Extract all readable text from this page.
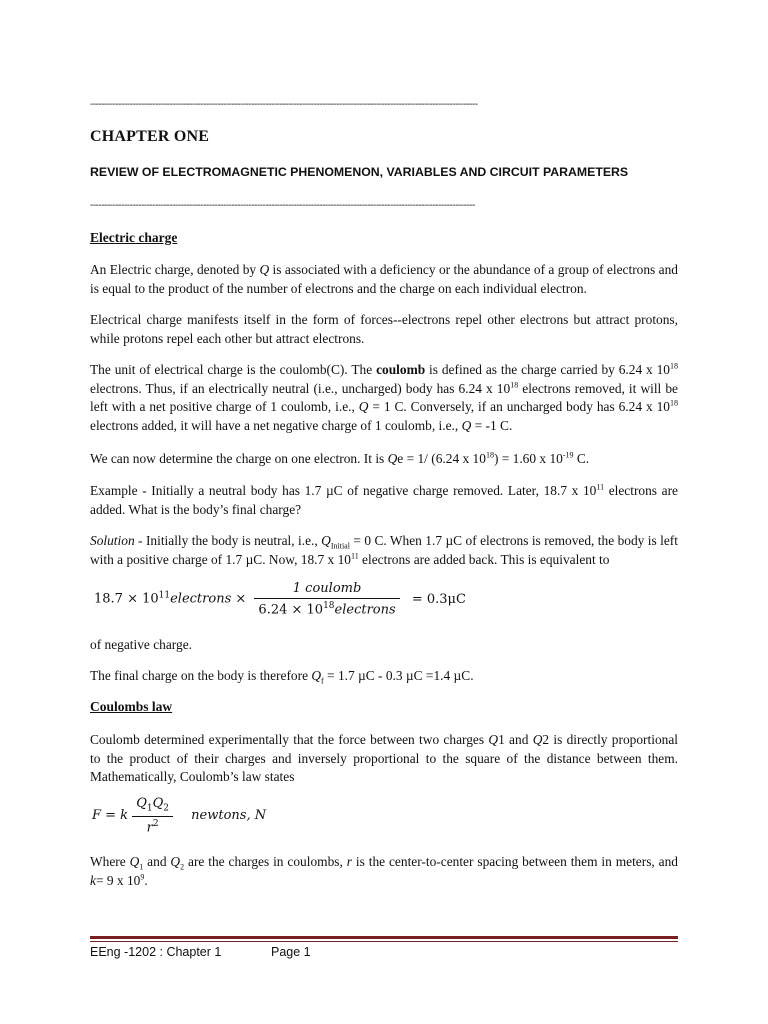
-----------------------------------------------------------------------------------------------------------------------------------------
CHAPTER ONE
REVIEW OF ELECTROMAGNETIC PHENOMENON, VARIABLES AND CIRCUIT PARAMETERS
----------------------------------------------------------------------------------------------------------------------------------------
Electric charge
An Electric charge, denoted by Q is associated with a deficiency or the abundance of a group of electrons and is equal to the product of the number of electrons and the charge on each individual electron.
Electrical charge manifests itself in the form of forces--electrons repel other electrons but attract protons, while protons repel each other but attract electrons.
The unit of electrical charge is the coulomb(C). The coulomb is defined as the charge carried by 6.24 x $10^{18}$ electrons. Thus, if an electrically neutral (i.e., uncharged) body has 6.24 x $10^{18}$ electrons removed, it will be left with a net positive charge of 1 coulomb, i.e., Q = 1 C. Conversely, if an uncharged body has 6.24 x $10^{18}$ electrons added, it will have a net negative charge of 1 coulomb, i.e., Q = -1 C.
We can now determine the charge on one electron. It is Qe = 1/ (6.24 x $10^{18}) = 1.60$ x $10^{-19}$ C.
Example - Initially a neutral body has 1.7 µC of negative charge removed. Later, 18.7 x $10^{11}$ electrons are added. What is the body’s final charge?
Solution - Initially the body is neutral, i.e., $Q_{Initial} = 0$ C. When 1.7 µC of electrons is removed, the body is left with a positive charge of 1.7 µC. Now, 18.7 x $10^{11}$ electrons are added back. This is equivalent to
$18.7 \times 10^{11}electrons \times \frac{\text{1 coulomb}}{6.24 \times 10^{18}electrons} = 0.3\mu C$
of negative charge.
The final charge on the body is therefore $Q_f = 1.7$ µC - 0.3 µC =1.4 µC.
Coulombs law
Coulomb determined experimentally that the force between two charges Q1 and Q2 is directly proportional to the product of their charges and inversely proportional to the square of the distance between them. Mathematically, Coulomb’s law states
F = k $\frac{Q_1Q_2}{r^2}$ newtons, N
Where $Q_1$ and $Q_2$ are the charges in coulombs, r is the center-to-center spacing between them in meters, and k= 9 x $10^9$.
EEng -1202 : Chapter 1	Page 1
